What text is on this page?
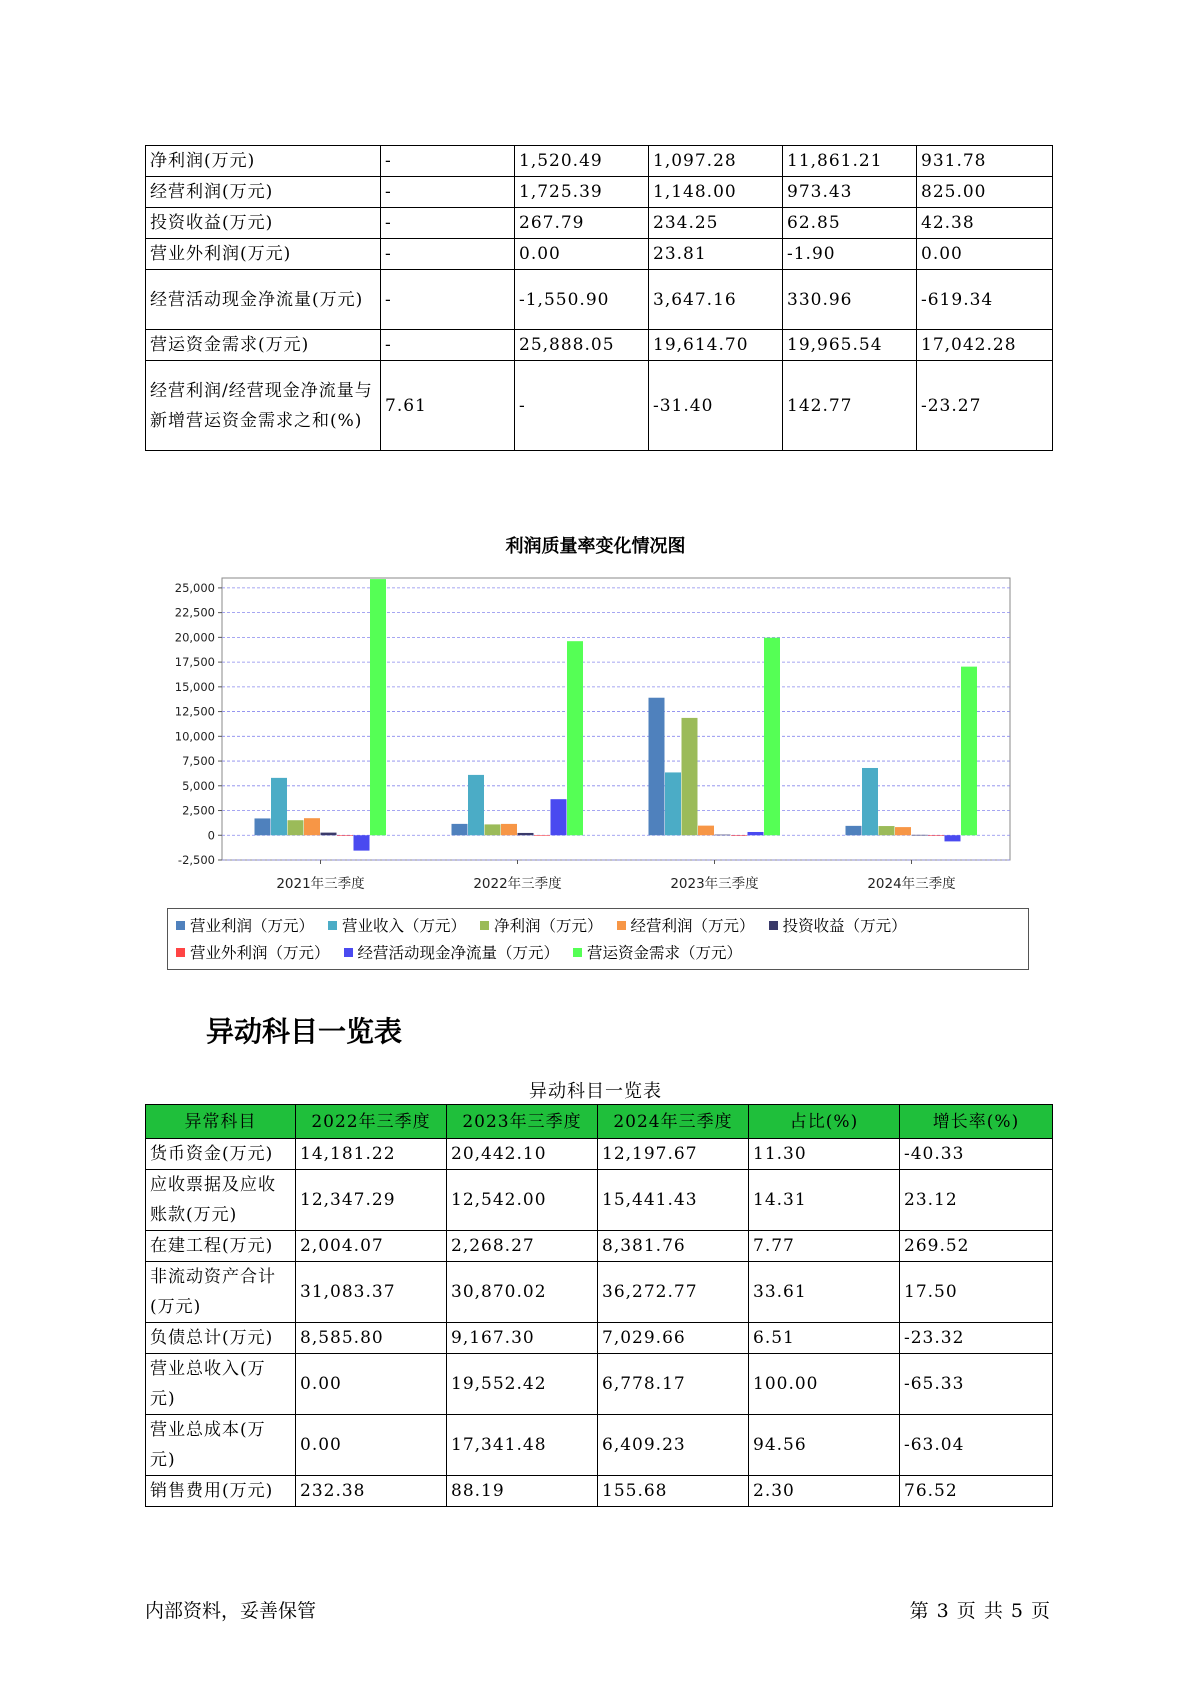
净利润(万元)	-	1,520.49	1,097.28	11,861.21	931.78
经营利润(万元)	-	1,725.39	1,148.00	973.43	825.00
投资收益(万元)	-	267.79	234.25	62.85	42.38
营业外利润(万元)	-	0.00	23.81	-1.90	0.00
经营活动现金净流量(万元)	-	-1,550.90	3,647.16	330.96	-619.34
营运资金需求(万元)	-	25,888.05	19,614.70	19,965.54	17,042.28
经营利润/经营现金净流量与新增营运资金需求之和(%)	7.61	-	-31.40	142.77	-23.27
利润质量率变化情况图
-2,500
0
2,500
5,000
7,500
10,000
12,500
15,000
17,500
20,000
22,500
25,000
2021年三季度	2022年三季度	2023年三季度	2024年三季度
营业利润（万元） 营业收入（万元） 净利润（万元） 经营利润（万元） 投资收益（万元）
营业外利润（万元） 经营活动现金净流量（万元） 营运资金需求（万元）
异动科目一览表
异动科目一览表
异常科目	2022年三季度	2023年三季度	2024年三季度	占比(%)	增长率(%)
货币资金(万元)	14,181.22	20,442.10	12,197.67	11.30	-40.33
应收票据及应收账款(万元)	12,347.29	12,542.00	15,441.43	14.31	23.12
在建工程(万元)	2,004.07	2,268.27	8,381.76	7.77	269.52
非流动资产合计(万元)	31,083.37	30,870.02	36,272.77	33.61	17.50
负债总计(万元)	8,585.80	9,167.30	7,029.66	6.51	-23.32
营业总收入(万元)	0.00	19,552.42	6,778.17	100.00	-65.33
营业总成本(万元)	0.00	17,341.48	6,409.23	94.56	-63.04
销售费用(万元)	232.38	88.19	155.68	2.30	76.52
内部资料，妥善保管	第 3 页 共 5 页
